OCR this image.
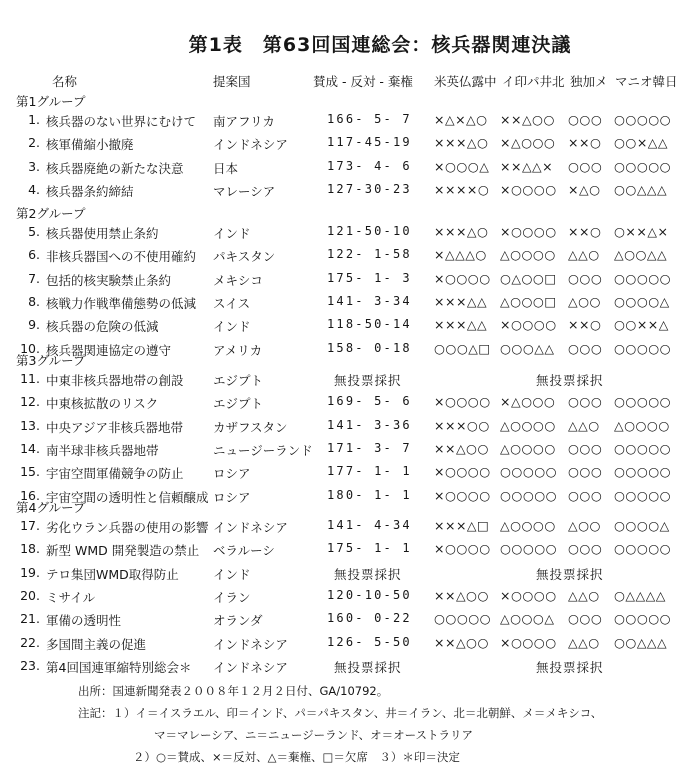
第1表　第63回国連総会：核兵器関連決議
名称	提案国	賛成 - 反対 - 棄権 米英仏露中 イ印パ井北 独加メ マニオ韓日
第1グループ
1. 核兵器のない世界にむけて 南アフリカ	166- 5- 7 ×△×△○ ××△○○ ○○○ ○○○○○
2. 核軍備縮小撤廃	インドネシア	117-45-19 ×××△○ ×△○○○ ××○ ○○×△△
3. 核兵器廃絶の新たな決意 日本	173- 4- 6 ×○○○△ ××△△× ○○○ ○○○○○
4. 核兵器条約締結	マレーシア	127-30-23 ××××○ ×○○○○ ×△○ ○○△△△
第2グループ
5. 核兵器使用禁止条約	インド	121-50-10 ×××△○ ×○○○○ ××○ ○××△×
6. 非核兵器国への不使用確約 パキスタン	122- 1-58 ×△△△○ △○○○○ △△○ △○○△△
7. 包括的核実験禁止条約	メキシコ	175- 1- 3 ×○○○○ ○△○○□ ○○○ ○○○○○
8. 核戦力作戦準備態勢の低減 スイス	141- 3-34 ×××△△ △○○○□ △○○ ○○○○△
9. 核兵器の危険の低減	インド	118-50-14 ×××△△ ×○○○○ ××○ ○○××△
10. 核兵器関連協定の遵守	アメリカ	158- 0-18 ○○○△□ ○○○△△ ○○○ ○○○○○
第3グループ
11. 中東非核兵器地帯の創設 エジプト	無投票採択	無投票採択
12. 中東核拡散のリスク	エジプト	169- 5- 6 ×○○○○ ×△○○○ ○○○ ○○○○○
13. 中央アジア非核兵器地帯 カザフスタン	141- 3-36 ×××○○ △○○○○ △△○ △○○○○
14. 南半球非核兵器地帯	ニュージーランド 171- 3- 7 ××△○○ △○○○○ ○○○ ○○○○○
15. 宇宙空間軍備競争の防止 ロシア	177- 1- 1 ×○○○○ ○○○○○ ○○○ ○○○○○
16. 宇宙空間の透明性と信頼醸成 ロシア	180- 1- 1 ×○○○○ ○○○○○ ○○○ ○○○○○
第4グループ
17. 劣化ウラン兵器の使用の影響 インドネシア	141- 4-34 ×××△□ △○○○○ △○○ ○○○○△
18. 新型 WMD 開発製造の禁止 ベラルーシ	175- 1- 1 ×○○○○ ○○○○○ ○○○ ○○○○○
19. テロ集団WMD取得防止	インド	無投票採択	無投票採択
20. ミサイル	イラン	120-10-50 ××△○○ ×○○○○ △△○ ○△△△△
21. 軍備の透明性	オランダ	160- 0-22 ○○○○○ △○○○△ ○○○ ○○○○○
22. 多国間主義の促進	インドネシア	126- 5-50 ××△○○ ×○○○○ △△○ ○○△△△
23. 第4回国連軍縮特別総会＊ インドネシア	無投票採択	無投票採択
出所：国連新聞発表２００８年１２月２日付、GA/10792。
注記：１）イ＝イスラエル、印＝インド、パ＝パキスタン、井＝イラン、北＝北朝鮮、メ＝メキシコ、
マ＝マレーシア、ニ＝ニュージーランド、オ＝オーストラリア
２）○＝賛成、×＝反対、△＝棄権、□＝欠席　３）＊印＝決定
